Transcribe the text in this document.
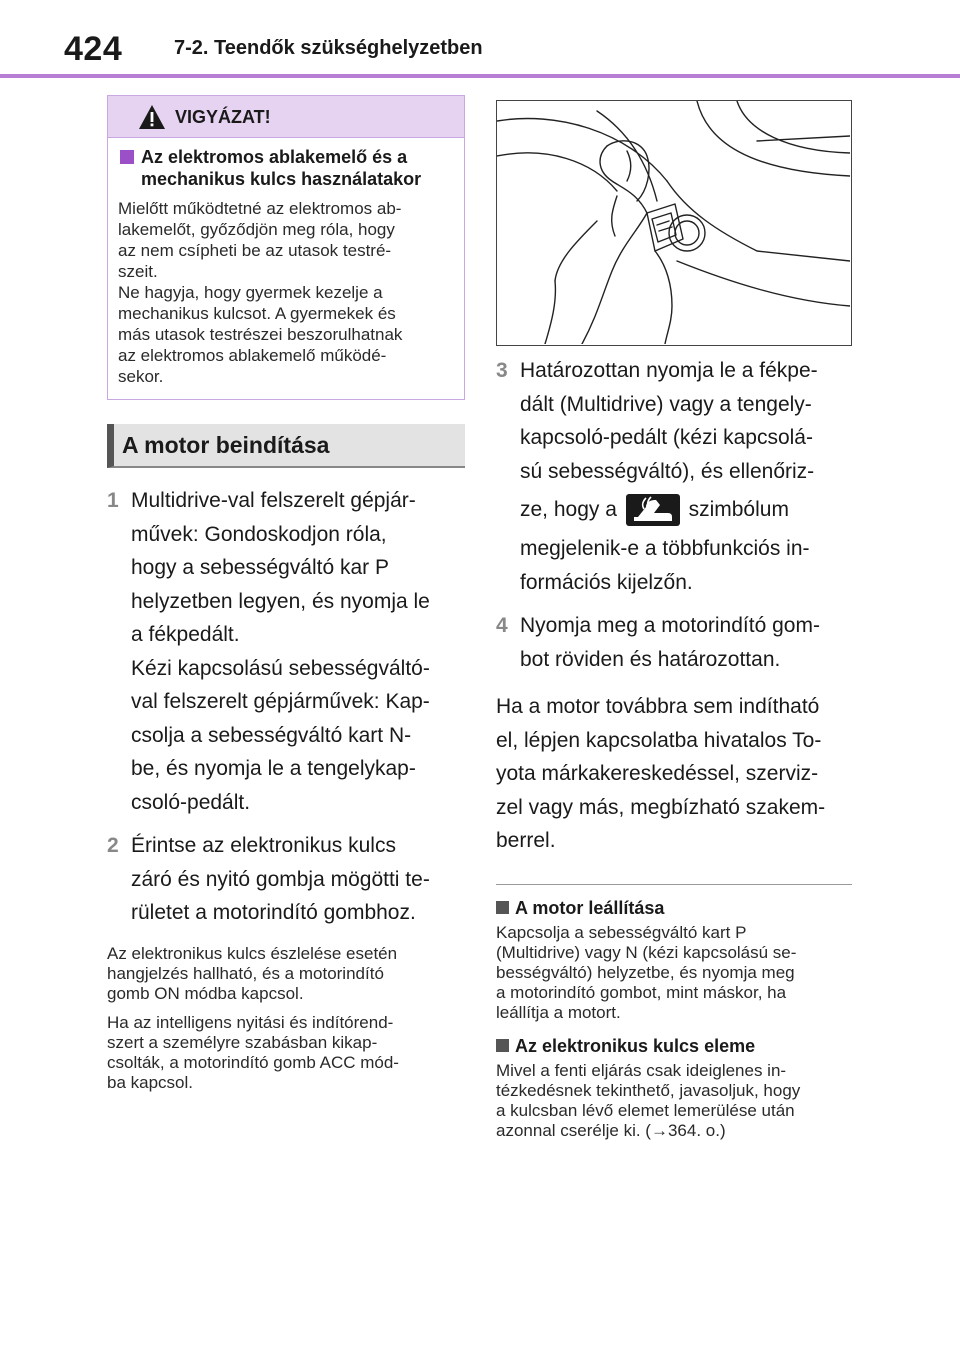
424	7-2. Teendők szükséghelyzetben
VIGYÁZAT!
Az elektromos ablakemelő és a
mechanikus kulcs használatakor
Mielőtt működtetné az elektromos ab-
lakemelőt, győződjön meg róla, hogy
az nem csípheti be az utasok testré-
szeit.
Ne hagyja, hogy gyermek kezelje a
mechanikus kulcsot. A gyermekek és
más utasok testrészei beszorulhatnak
az elektromos ablakemelő működé-
sekor.
A motor beindítása
1 Multidrive-val felszerelt gépjár-
művek: Gondoskodjon róla,
hogy a sebességváltó kar P
helyzetben legyen, és nyomja le
a fékpedált.
Kézi kapcsolású sebességváltó-
val felszerelt gépjárművek: Kap-
csolja a sebességváltó kart N-
be, és nyomja le a tengelykap-
csoló-pedált.
2 Érintse az elektronikus kulcs
záró és nyitó gombja mögötti te-
rületet a motorindító gombhoz.
Az elektronikus kulcs észlelése esetén
hangjelzés hallható, és a motorindító
gomb ON módba kapcsol.
Ha az intelligens nyitási és indítórend-
szert a személyre szabásban kikap-
csolták, a motorindító gomb ACC mód-
ba kapcsol.
3 Határozottan nyomja le a fékpe-
dált (Multidrive) vagy a tengely-
kapcsoló-pedált (kézi kapcsolá-
sú sebességváltó), és ellenőriz-
ze, hogy a	szimbólum
megjelenik-e a többfunkciós in-
formációs kijelzőn.
4 Nyomja meg a motorindító gom-
bot röviden és határozottan.
Ha a motor továbbra sem indítható
el, lépjen kapcsolatba hivatalos To-
yota márkakereskedéssel, szerviz-
zel vagy más, megbízható szakem-
berrel.
A motor leállítása
Kapcsolja a sebességváltó kart P
(Multidrive) vagy N (kézi kapcsolású se-
bességváltó) helyzetbe, és nyomja meg
a motorindító gombot, mint máskor, ha
leállítja a motort.
Az elektronikus kulcs eleme
Mivel a fenti eljárás csak ideiglenes in-
tézkedésnek tekinthető, javasoljuk, hogy
a kulcsban lévő elemet lemerülése után
azonnal cserélje ki. (→364. o.)
